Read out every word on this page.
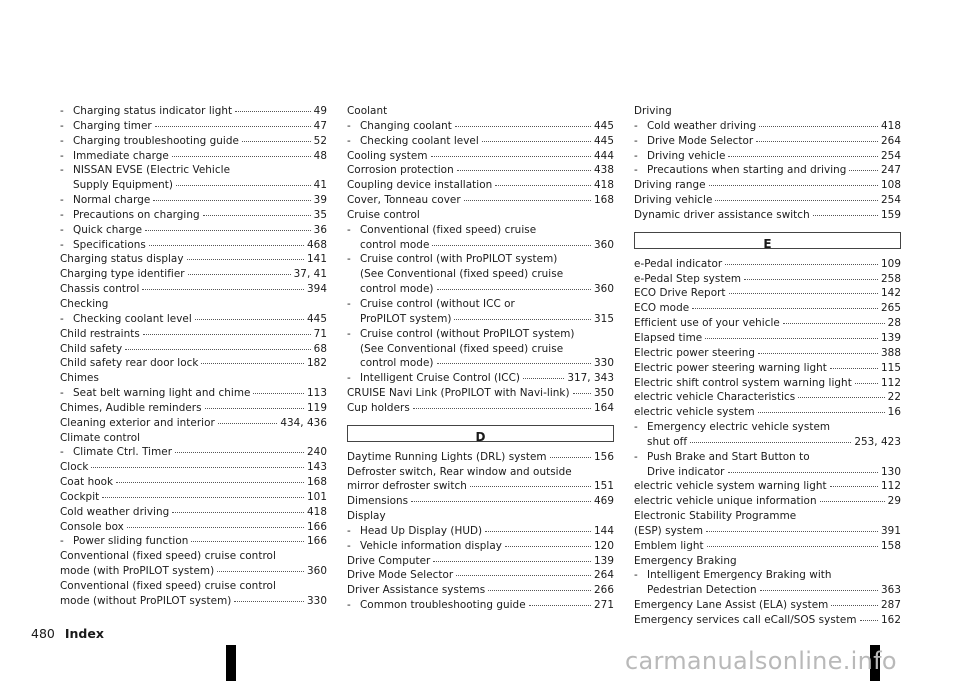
- Charging status indicator light	49
- Charging timer	47
- Charging troubleshooting guide	52
- Immediate charge	48
- NISSAN EVSE (Electric Vehicle
Supply Equipment)	41
- Normal charge	39
- Precautions on charging	35
- Quick charge	36
- Specifications	468
Charging status display	141
Charging type identifier	37, 41
Chassis control	394
Checking
- Checking coolant level	445
Child restraints	71
Child safety	68
Child safety rear door lock	182
Chimes
- Seat belt warning light and chime	113
Chimes, Audible reminders	119
Cleaning exterior and interior	434, 436
Climate control
- Climate Ctrl. Timer	240
Clock	143
Coat hook	168
Cockpit	101
Cold weather driving	418
Console box	166
- Power sliding function	166
Conventional (fixed speed) cruise control
mode (with ProPILOT system)	360
Conventional (fixed speed) cruise control
mode (without ProPILOT system)	330
Coolant
- Changing coolant	445
- Checking coolant level	445
Cooling system	444
Corrosion protection	438
Coupling device installation	418
Cover, Tonneau cover	168
Cruise control
- Conventional (fixed speed) cruise
control mode	360
- Cruise control (with ProPILOT system)
(See Conventional (fixed speed) cruise
control mode)	360
- Cruise control (without ICC or
ProPILOT system)	315
- Cruise control (without ProPILOT system)
(See Conventional (fixed speed) cruise
control mode)	330
- Intelligent Cruise Control (ICC)	317, 343
CRUISE Navi Link (ProPILOT with Navi-link) 350
Cup holders	164
D
Daytime Running Lights (DRL) system	156
Defroster switch, Rear window and outside
mirror defroster switch	151
Dimensions	469
Display
- Head Up Display (HUD)	144
- Vehicle information display	120
Drive Computer	139
Drive Mode Selector	264
Driver Assistance systems	266
- Common troubleshooting guide	271
Driving
- Cold weather driving	418
- Drive Mode Selector	264
- Driving vehicle	254
- Precautions when starting and driving	247
Driving range	108
Driving vehicle	254
Dynamic driver assistance switch	159
E
e-Pedal indicator	109
e-Pedal Step system	258
ECO Drive Report	142
ECO mode	265
Efficient use of your vehicle	28
Elapsed time	139
Electric power steering	388
Electric power steering warning light	115
Electric shift control system warning light	112
electric vehicle Characteristics	22
electric vehicle system	16
- Emergency electric vehicle system
shut off	253, 423
- Push Brake and Start Button to
Drive indicator	130
electric vehicle system warning light	112
electric vehicle unique information	29
Electronic Stability Programme
(ESP) system	391
Emblem light	158
Emergency Braking
- Intelligent Emergency Braking with
Pedestrian Detection	363
Emergency Lane Assist (ELA) system	287
Emergency services call eCall/SOS system 162
480 Index
carmanualsonline.info
